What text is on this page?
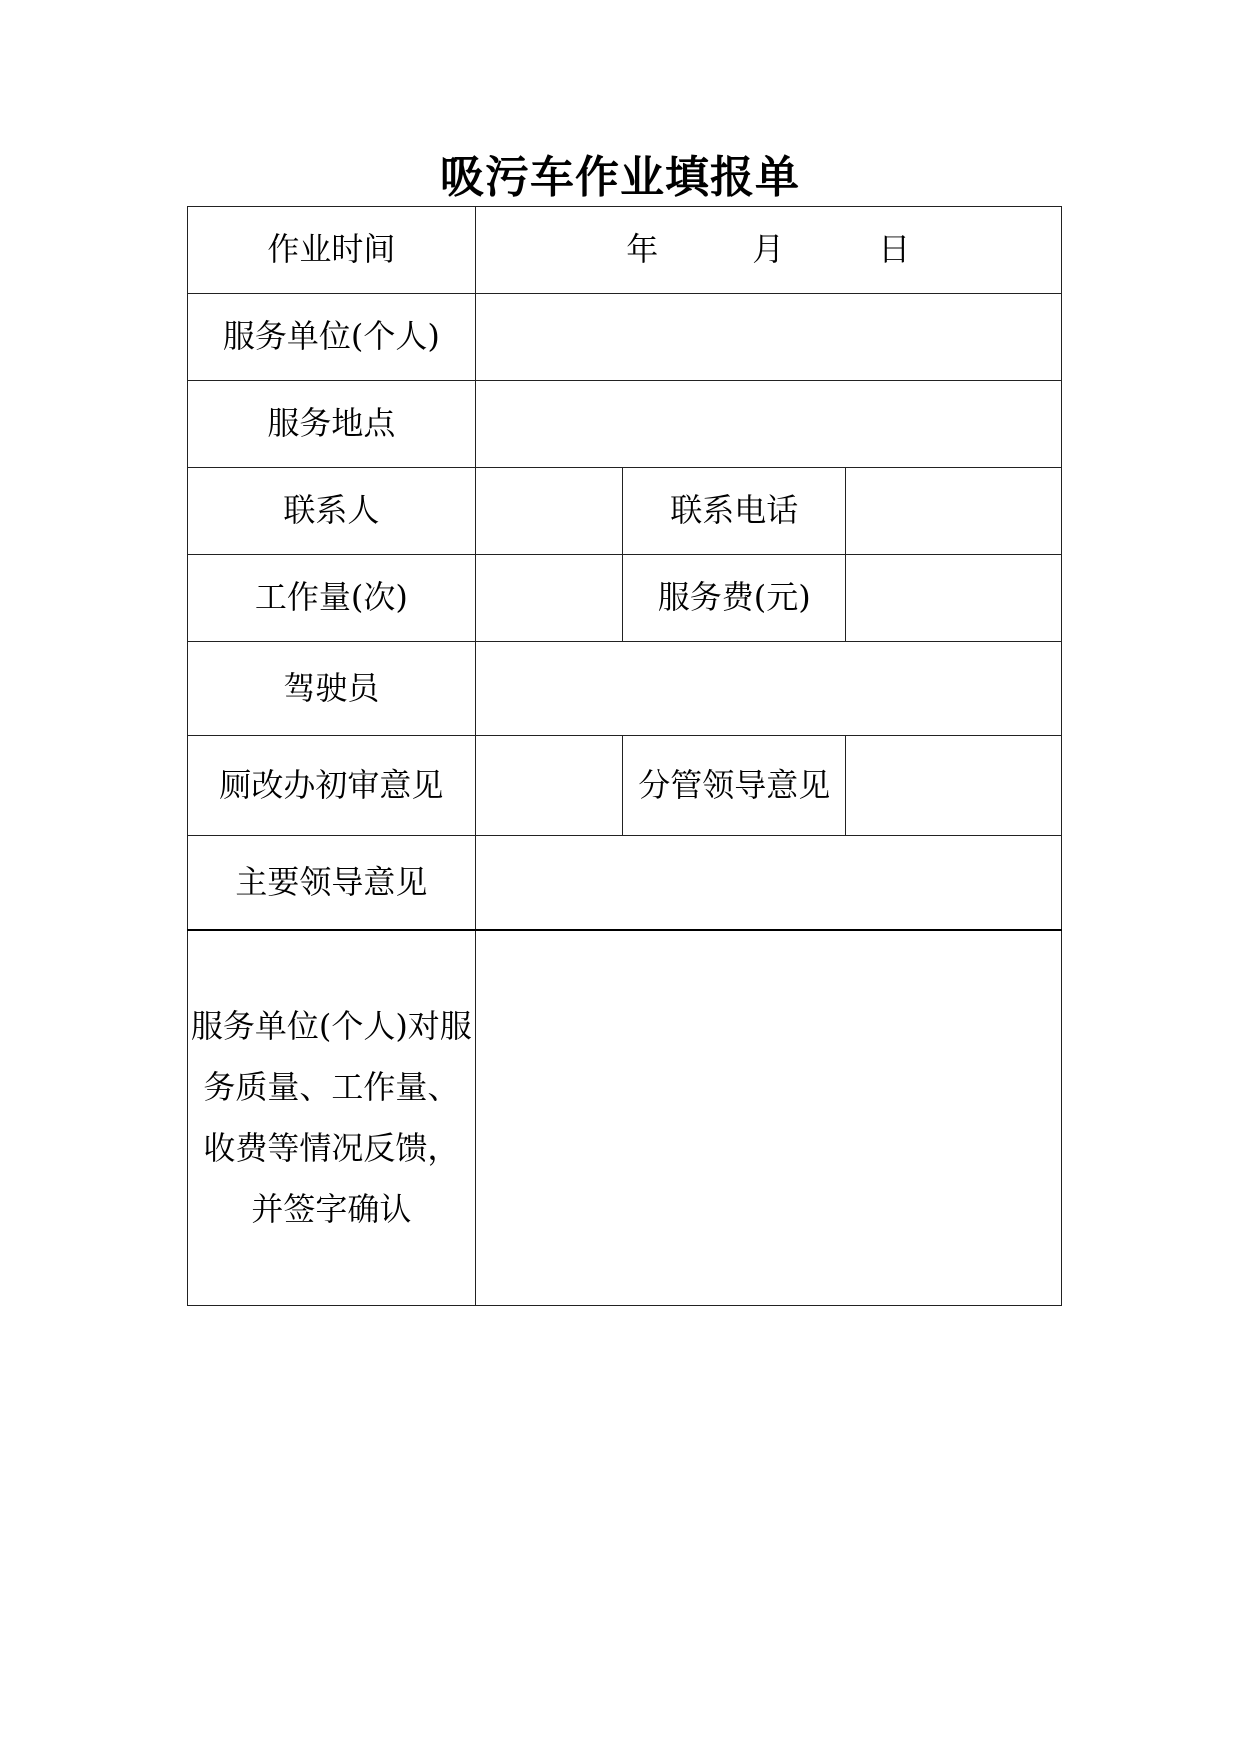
吸污车作业填报单
作业时间	年 月 日		

服务单位(个人)			
服务地点			
联系人		联系电话	
工作量(次)		服务费(元)	
驾驶员			
厕改办初审意见		分管领导意见	
主要领导意见			

服务单位(个人)对服务质量、工作量、收费等情况反馈，并签字确认			
